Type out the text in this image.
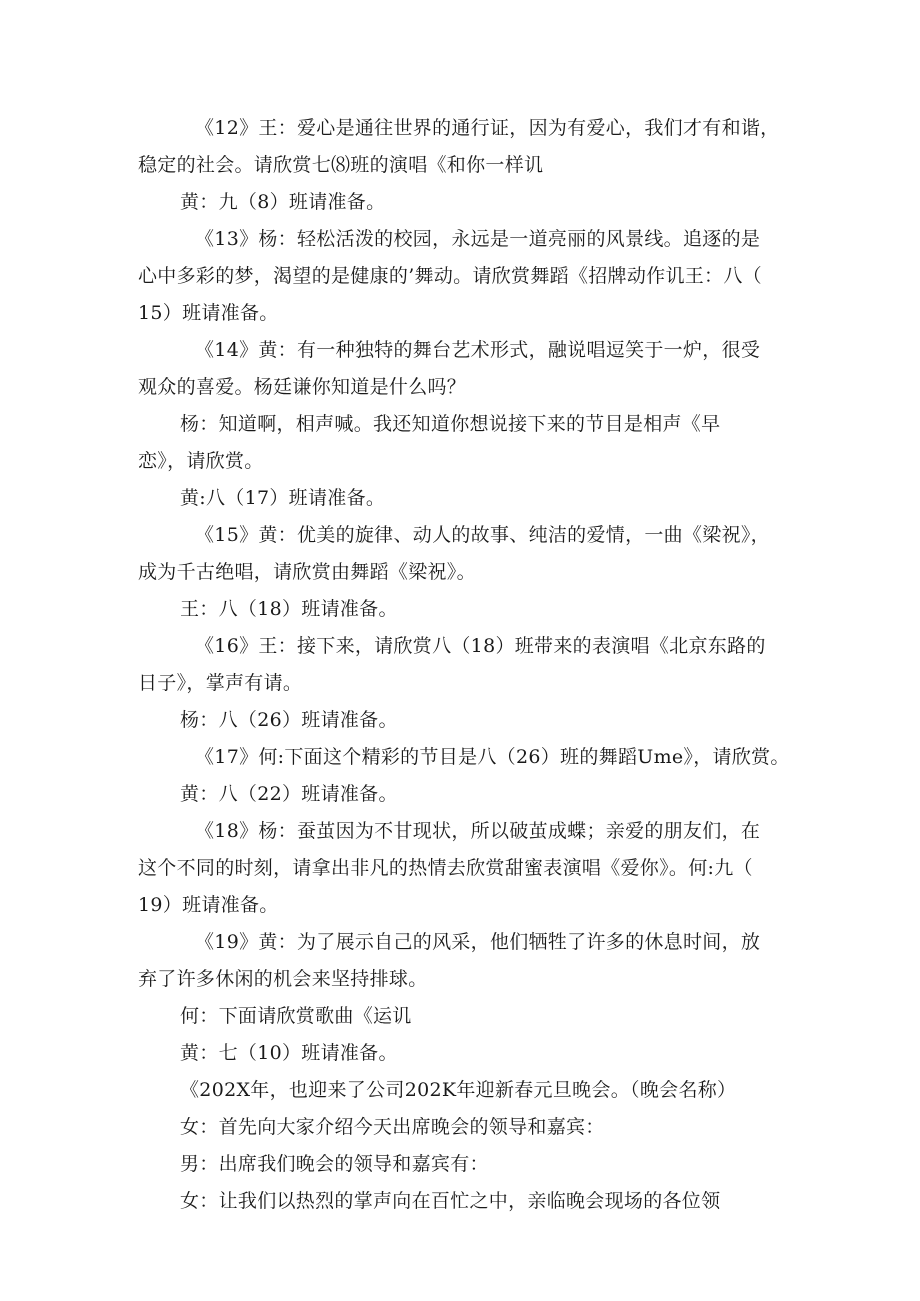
《12》王：爱心是通往世界的通行证，因为有爱心，我们才有和谐，

稳定的社会。请欣赏七⑻班的演唱《和你一样讥

黄：九（8）班请准备。

《13》杨：轻松活泼的校园，永远是一道亮丽的风景线。追逐的是

心中多彩的梦，渴望的是健康的’舞动。请欣赏舞蹈《招牌动作讥王：八（

15）班请准备。

《14》黄：有一种独特的舞台艺术形式，融说唱逗笑于一炉，很受

观众的喜爱。杨廷谦你知道是什么吗？

杨：知道啊，相声喊。我还知道你想说接下来的节目是相声《早

恋》，请欣赏。

黄:八（17）班请准备。

《15》黄：优美的旋律、动人的故事、纯洁的爱情，一曲《梁祝》，

成为千古绝唱，请欣赏由舞蹈《梁祝》。

王：八（18）班请准备。

《16》王：接下来，请欣赏八（18）班带来的表演唱《北京东路的

日子》，掌声有请。

杨：八（26）班请准备。

《17》何:下面这个精彩的节目是八（26）班的舞蹈Ume》，请欣赏。

黄：八（22）班请准备。

《18》杨：蚕茧因为不甘现状，所以破茧成蝶；亲爱的朋友们，在

这个不同的时刻，请拿出非凡的热情去欣赏甜蜜表演唱《爱你》。何:九（

19）班请准备。

《19》黄：为了展示自己的风采，他们牺牲了许多的休息时间，放

弃了许多休闲的机会来坚持排球。

何：下面请欣赏歌曲《运讥

黄：七（10）班请准备。

《202X年，也迎来了公司202K年迎新春元旦晚会。（晚会名称）

女：首先向大家介绍今天出席晚会的领导和嘉宾：

男：出席我们晚会的领导和嘉宾有：

女：让我们以热烈的掌声向在百忙之中，亲临晚会现场的各位领
